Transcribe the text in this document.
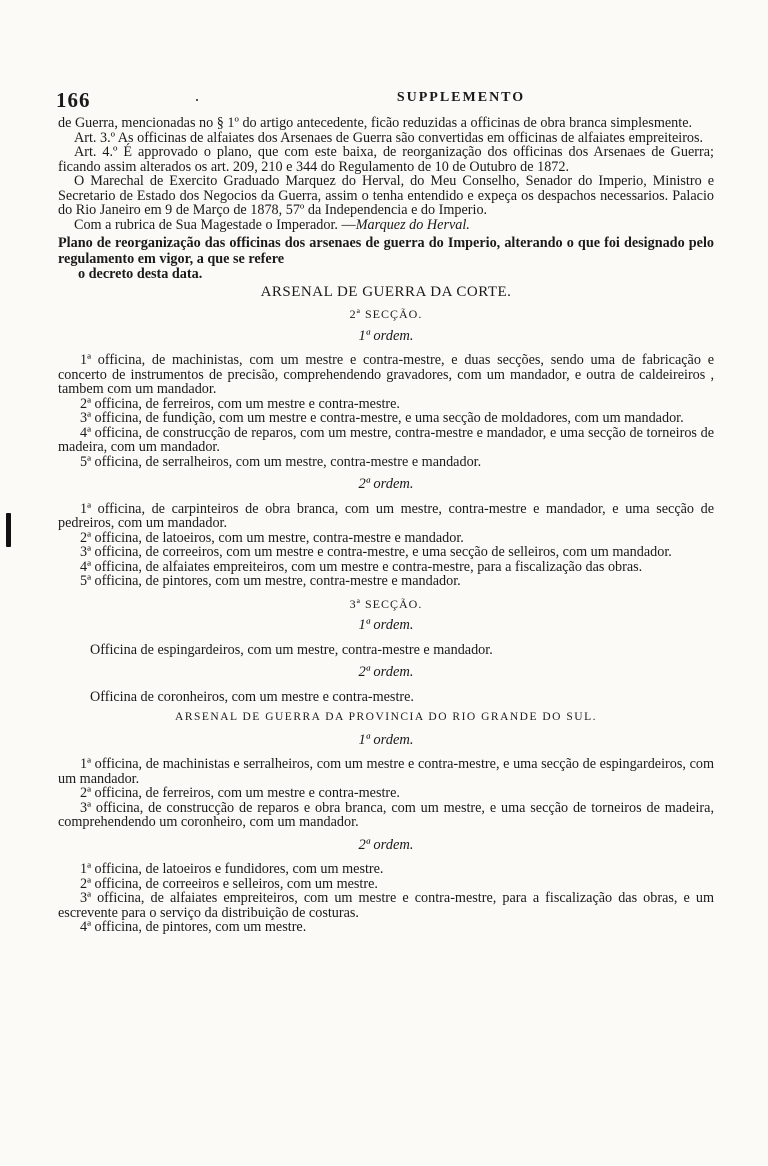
166	SUPPLEMENTO

de Guerra, mencionadas no § 1º do artigo antecedente, ficão reduzidas a officinas de obra branca simplesmente.

Art. 3.º As officinas de alfaiates dos Arsenaes de Guerra são convertidas em officinas de alfaiates empreiteiros.

Art. 4.º É approvado o plano, que com este baixa, de reorganização dos officinas dos Arsenaes de Guerra; ficando assim alterados os art. 209, 210 e 344 do Regulamento de 10 de Outubro de 1872.

O Marechal de Exercito Graduado Marquez do Herval, do Meu Conselho, Senador do Imperio, Ministro e Secretario de Estado dos Negocios da Guerra, assim o tenha entendido e expeça os despachos necessarios. Palacio do Rio Janeiro em 9 de Março de 1878, 57º da Independencia e do Imperio.

Com a rubrica de Sua Magestade o Imperador. —Marquez do Herval.

Plano de reorganização das officinas dos arsenaes de guerra do Imperio, alterando o que foi designado pelo regulamento em vigor, a que se refere
o decreto desta data.

ARSENAL DE GUERRA DA CORTE.

2ª SECÇÃO.

1ª ordem.

1ª officina, de machinistas, com um mestre e contra-mestre, e duas secções, sendo uma de fabricação e concerto de instrumentos de precisão, comprehendendo gravadores, com um mandador, e outra de caldeireiros , tambem com um mandador.

2ª officina, de ferreiros, com um mestre e contra-mestre.

3ª officina, de fundição, com um mestre e contra-mestre, e uma secção de moldadores, com um mandador.

4ª officina, de construcção de reparos, com um mestre, contra-mestre e mandador, e uma secção de torneiros de madeira, com um mandador.

5ª officina, de serralheiros, com um mestre, contra-mestre e mandador.

2ª ordem.

1ª officina, de carpinteiros de obra branca, com um mestre, contra-mestre e mandador, e uma secção de pedreiros, com um mandador.

2ª officina, de latoeiros, com um mestre, contra-mestre e mandador.

3ª officina, de correeiros, com um mestre e contra-mestre, e uma secção de selleiros, com um mandador.

4ª officina, de alfaiates empreiteiros, com um mestre e contra-mestre, para a fiscalização das obras.

5ª officina, de pintores, com um mestre, contra-mestre e mandador.

3ª SECÇÃO.

1ª ordem.

Officina de espingardeiros, com um mestre, contra-mestre e mandador.

2ª ordem.

Officina de coronheiros, com um mestre e contra-mestre.

ARSENAL DE GUERRA DA PROVINCIA DO RIO GRANDE DO SUL.

1ª ordem.

1ª officina, de machinistas e serralheiros, com um mestre e contra-mestre, e uma secção de espingardeiros, com um mandador.

2ª officina, de ferreiros, com um mestre e contra-mestre.

3ª officina, de construcção de reparos e obra branca, com um mestre, e uma secção de torneiros de madeira, comprehendendo um coronheiro, com um mandador.

2ª ordem.

1ª officina, de latoeiros e fundidores, com um mestre.

2ª officina, de correeiros e selleiros, com um mestre.

3ª officina, de alfaiates empreiteiros, com um mestre e contra-mestre, para a fiscalização das obras, e um escrevente para o serviço da distribuição de costuras.

4ª officina, de pintores, com um mestre.
